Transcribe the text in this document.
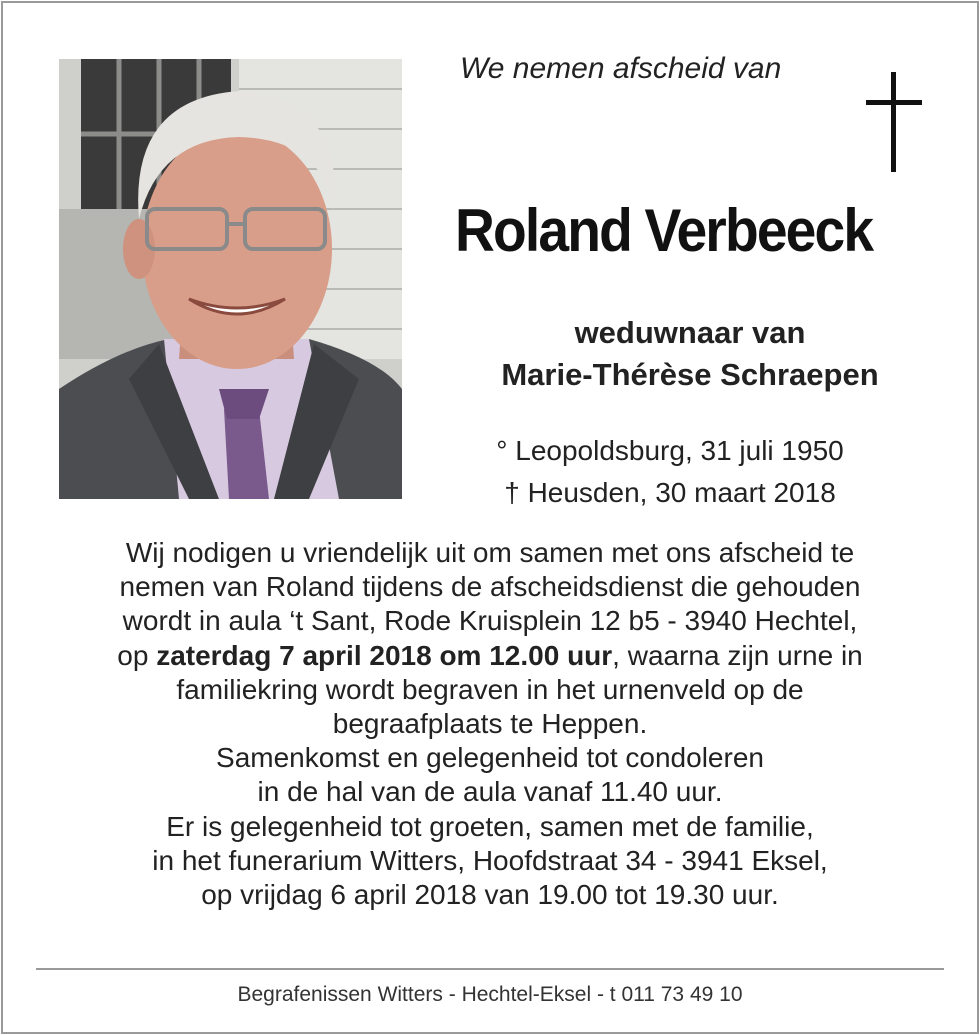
We nemen afscheid van
Roland Verbeeck
weduwnaar van
Marie-Thérèse Schraepen
° Leopoldsburg, 31 juli 1950
† Heusden, 30 maart 2018

Wij nodigen u vriendelijk uit om samen met ons afscheid te

nemen van Roland tijdens de afscheidsdienst die gehouden

wordt in aula ‘t Sant, Rode Kruisplein 12 b5 - 3940 Hechtel,

op zaterdag 7 april 2018 om 12.00 uur, waarna zijn urne in

familiekring wordt begraven in het urnenveld op de

begraafplaats te Heppen.

Samenkomst en gelegenheid tot condoleren

in de hal van de aula vanaf 11.40 uur.

Er is gelegenheid tot groeten, samen met de familie,

in het funerarium Witters, Hoofdstraat 34 - 3941 Eksel,

op vrijdag 6 april 2018 van 19.00 tot 19.30 uur.

Begrafenissen Witters - Hechtel-Eksel - t 011 73 49 10
